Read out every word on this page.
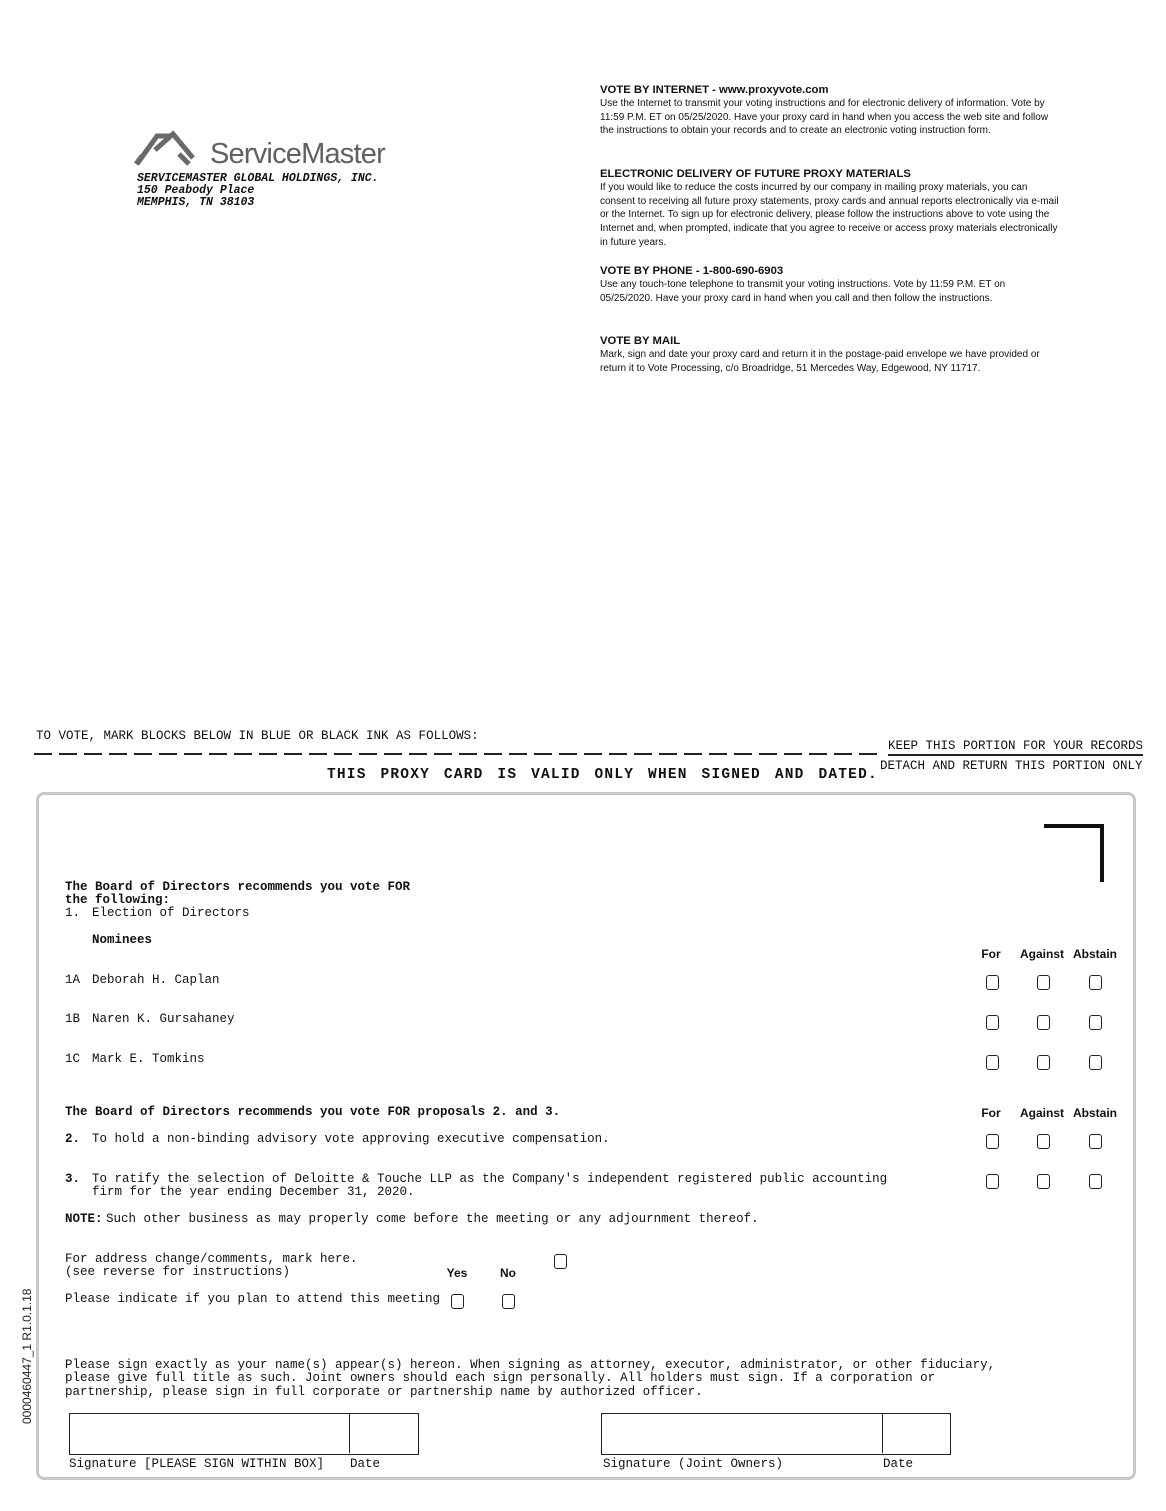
ServiceMaster
SERVICEMASTER GLOBAL HOLDINGS, INC.
150 Peabody Place
MEMPHIS, TN 38103
VOTE BY INTERNET - www.proxyvote.com

Use the Internet to transmit your voting instructions and for electronic delivery of information. Vote by 11:59 P.M. ET on 05/25/2020. Have your proxy card in hand when you access the web site and follow the instructions to obtain your records and to create an electronic voting instruction form.

ELECTRONIC DELIVERY OF FUTURE PROXY MATERIALS

If you would like to reduce the costs incurred by our company in mailing proxy materials, you can consent to receiving all future proxy statements, proxy cards and annual reports electronically via e-mail or the Internet. To sign up for electronic delivery, please follow the instructions above to vote using the Internet and, when prompted, indicate that you agree to receive or access proxy materials electronically in future years.

VOTE BY PHONE - 1-800-690-6903

Use any touch-tone telephone to transmit your voting instructions. Vote by 11:59 P.M. ET on 05/25/2020. Have your proxy card in hand when you call and then follow the instructions.

VOTE BY MAIL

Mark, sign and date your proxy card and return it in the postage-paid envelope we have provided or return it to Vote Processing, c/o Broadridge, 51 Mercedes Way, Edgewood, NY 11717.

TO VOTE, MARK BLOCKS BELOW IN BLUE OR BLACK INK AS FOLLOWS:
KEEP THIS PORTION FOR YOUR RECORDS
DETACH AND RETURN THIS PORTION ONLY
THIS PROXY CARD IS VALID ONLY WHEN SIGNED AND DATED.
The Board of Directors recommends you vote FOR
the following:
1. Election of Directors
Nominees
For	Against Abstain
1A Deborah H. Caplan
1B Naren K. Gursahaney
1C Mark E. Tomkins
The Board of Directors recommends you vote FOR proposals 2. and 3.	For	Against Abstain
2. To hold a non-binding advisory vote approving executive compensation.
3. To ratify the selection of Deloitte & Touche LLP as the Company's independent registered public accounting
firm for the year ending December 31, 2020.
NOTE: Such other business as may properly come before the meeting or any adjournment thereof.
For address change/comments, mark here.
(see reverse for instructions)	Yes	No
Please indicate if you plan to attend this meeting
Please sign exactly as your name(s) appear(s) hereon. When signing as attorney, executor, administrator, or other fiduciary,
please give full title as such. Joint owners should each sign personally. All holders must sign. If a corporation or
partnership, please sign in full corporate or partnership name by authorized officer.
Signature [PLEASE SIGN WITHIN BOX] Date	Signature (Joint Owners)	Date
0000460447_1 R1.0.1.18
